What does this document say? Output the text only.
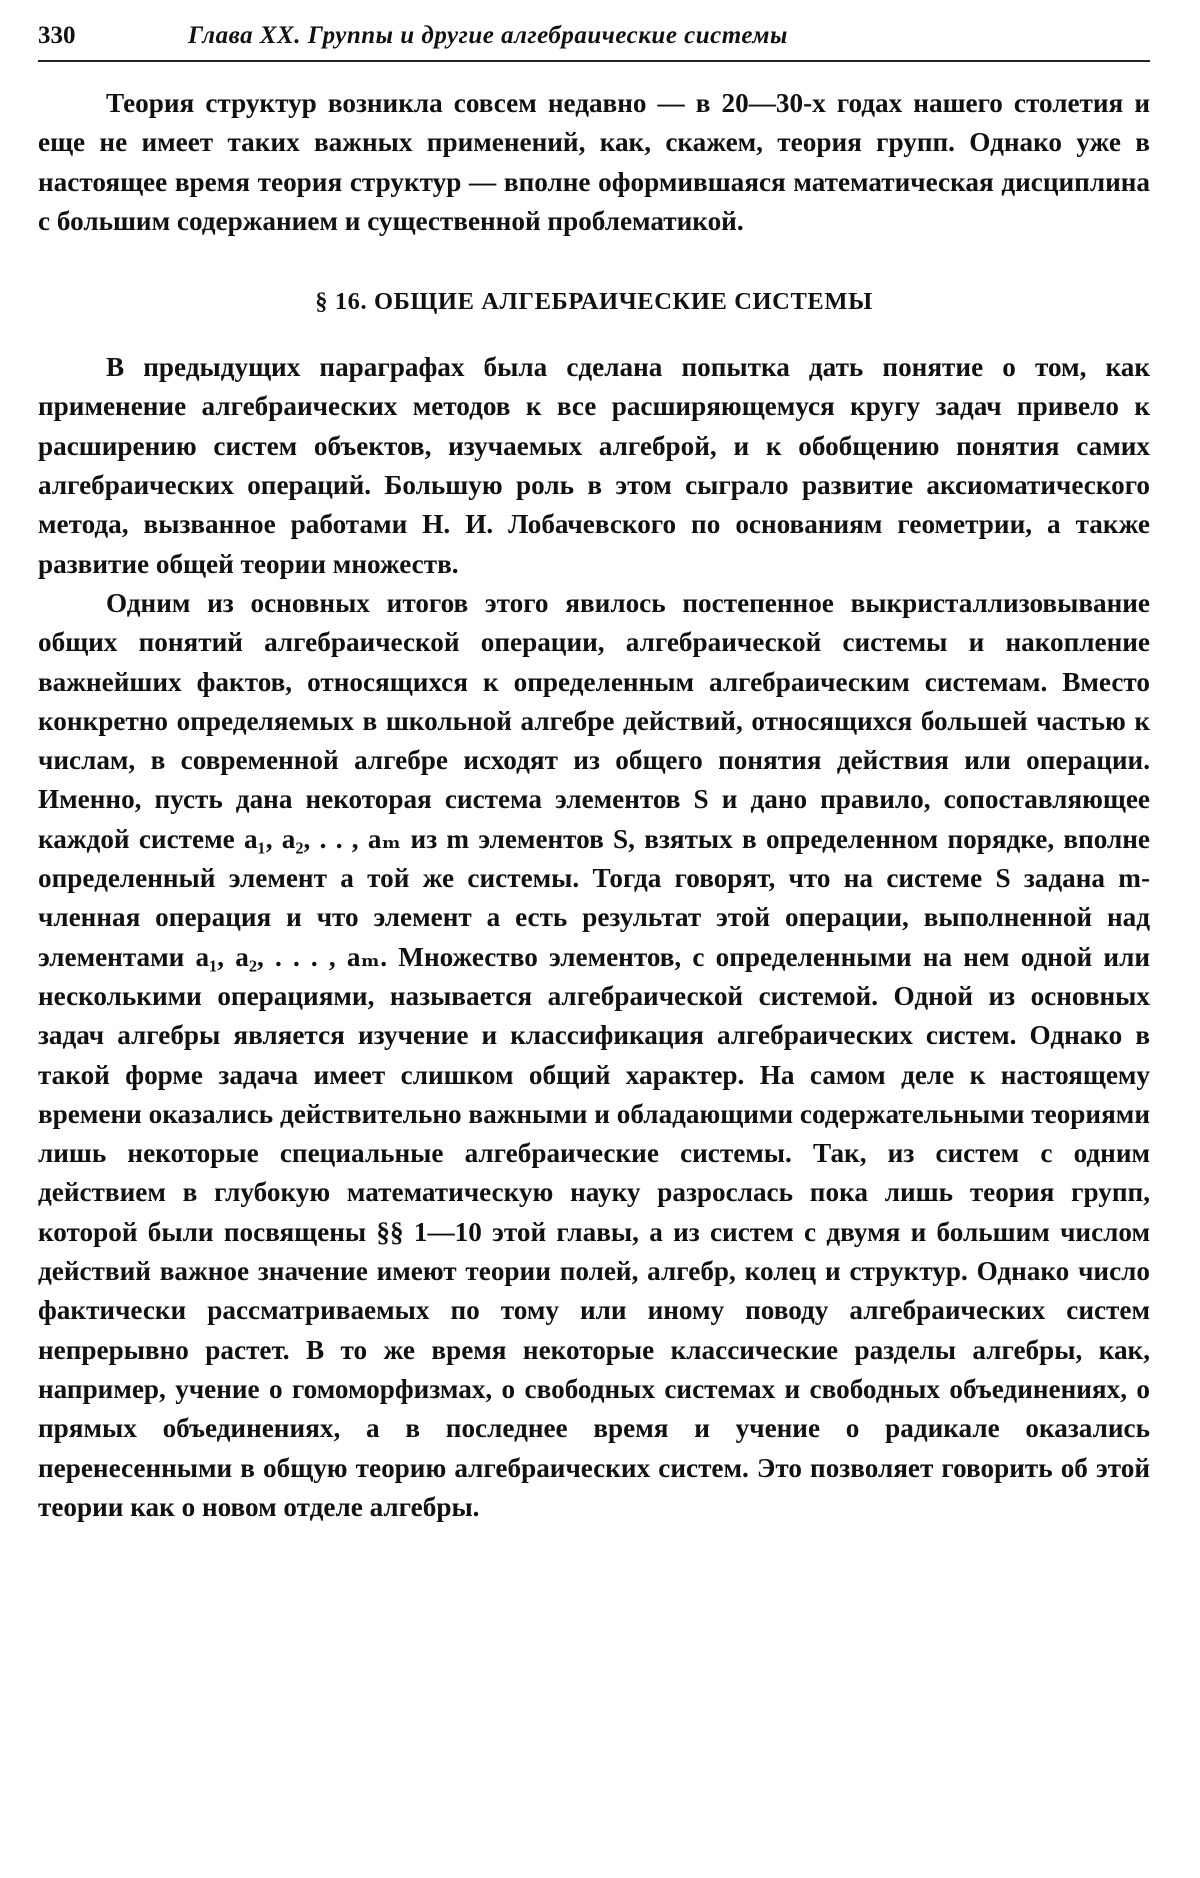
330	Глава XX. Группы и другие алгебраические системы

Теория структур возникла совсем недавно — в 20—30-х годах нашего столетия и еще не имеет таких важных применений, как, скажем, теория групп. Однако уже в настоящее время теория структур — вполне оформившаяся математическая дисциплина с большим содержанием и существенной проблематикой.

§ 16. ОБЩИЕ АЛГЕБРАИЧЕСКИЕ СИСТЕМЫ

В предыдущих параграфах была сделана попытка дать понятие о том, как применение алгебраических методов к все расширяющемуся кругу задач привело к расширению систем объектов, изучаемых алгеброй, и к обобщению понятия самих алгебраических операций. Большую роль в этом сыграло развитие аксиоматического метода, вызванное работами Н. И. Лобачевского по основаниям геометрии, а также развитие общей теории множеств.

Одним из основных итогов этого явилось постепенное выкристаллизовывание общих понятий алгебраической операции, алгебраической системы и накопление важнейших фактов, относящихся к определенным алгебраическим системам. Вместо конкретно определяемых в школьной алгебре действий, относящихся большей частью к числам, в современной алгебре исходят из общего понятия действия или операции. Именно, пусть дана некоторая система элементов S и дано правило, сопоставляющее каждой системе a₁, a₂, . . , aₘ из m элементов S, взятых в определенном порядке, вполне определенный элемент a той же системы. Тогда говорят, что на системе S задана m-членная операция и что элемент a есть результат этой операции, выполненной над элементами a₁, a₂, . . . , aₘ. Множество элементов, с определенными на нем одной или несколькими операциями, называется алгебраической системой. Одной из основных задач алгебры является изучение и классификация алгебраических систем. Однако в такой форме задача имеет слишком общий характер. На самом деле к настоящему времени оказались действительно важными и обладающими содержательными теориями лишь некоторые специальные алгебраические системы. Так, из систем с одним действием в глубокую математическую науку разрослась пока лишь теория групп, которой были посвящены §§ 1—10 этой главы, а из систем с двумя и большим числом действий важное значение имеют теории полей, алгебр, колец и структур. Однако число фактически рассматриваемых по тому или иному поводу алгебраических систем непрерывно растет. В то же время некоторые классические разделы алгебры, как, например, учение о гомоморфизмах, о свободных системах и свободных объединениях, о прямых объединениях, а в последнее время и учение о радикале оказались перенесенными в общую теорию алгебраических систем. Это позволяет говорить об этой теории как о новом отделе алгебры.
